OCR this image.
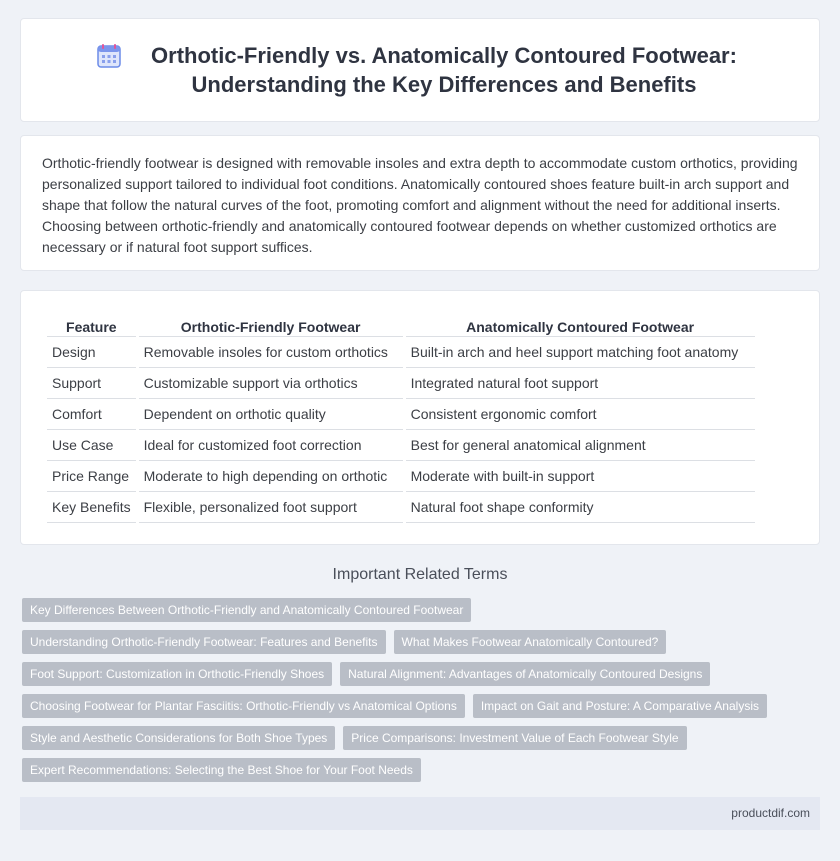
Orthotic-Friendly vs. Anatomically Contoured Footwear: Understanding the Key Differences and Benefits

Orthotic-friendly footwear is designed with removable insoles and extra depth to accommodate custom orthotics, providing personalized support tailored to individual foot conditions. Anatomically contoured shoes feature built-in arch support and shape that follow the natural curves of the foot, promoting comfort and alignment without the need for additional inserts. Choosing between orthotic-friendly and anatomically contoured footwear depends on whether customized orthotics are necessary or if natural foot support suffices.

Feature	Orthotic-Friendly Footwear	Anatomically Contoured Footwear
Design	Removable insoles for custom orthotics	Built-in arch and heel support matching foot anatomy
Support	Customizable support via orthotics	Integrated natural foot support
Comfort	Dependent on orthotic quality	Consistent ergonomic comfort
Use Case	Ideal for customized foot correction	Best for general anatomical alignment
Price Range	Moderate to high depending on orthotic	Moderate with built-in support
Key Benefits	Flexible, personalized foot support	Natural foot shape conformity
Important Related Terms
Key Differences Between Orthotic-Friendly and Anatomically Contoured Footwear
Understanding Orthotic-Friendly Footwear: Features and Benefits	What Makes Footwear Anatomically Contoured?
Foot Support: Customization in Orthotic-Friendly Shoes	Natural Alignment: Advantages of Anatomically Contoured Designs
Choosing Footwear for Plantar Fasciitis: Orthotic-Friendly vs Anatomical Options	Impact on Gait and Posture: A Comparative Analysis
Style and Aesthetic Considerations for Both Shoe Types	Price Comparisons: Investment Value of Each Footwear Style
Expert Recommendations: Selecting the Best Shoe for Your Foot Needs
productdif.com
